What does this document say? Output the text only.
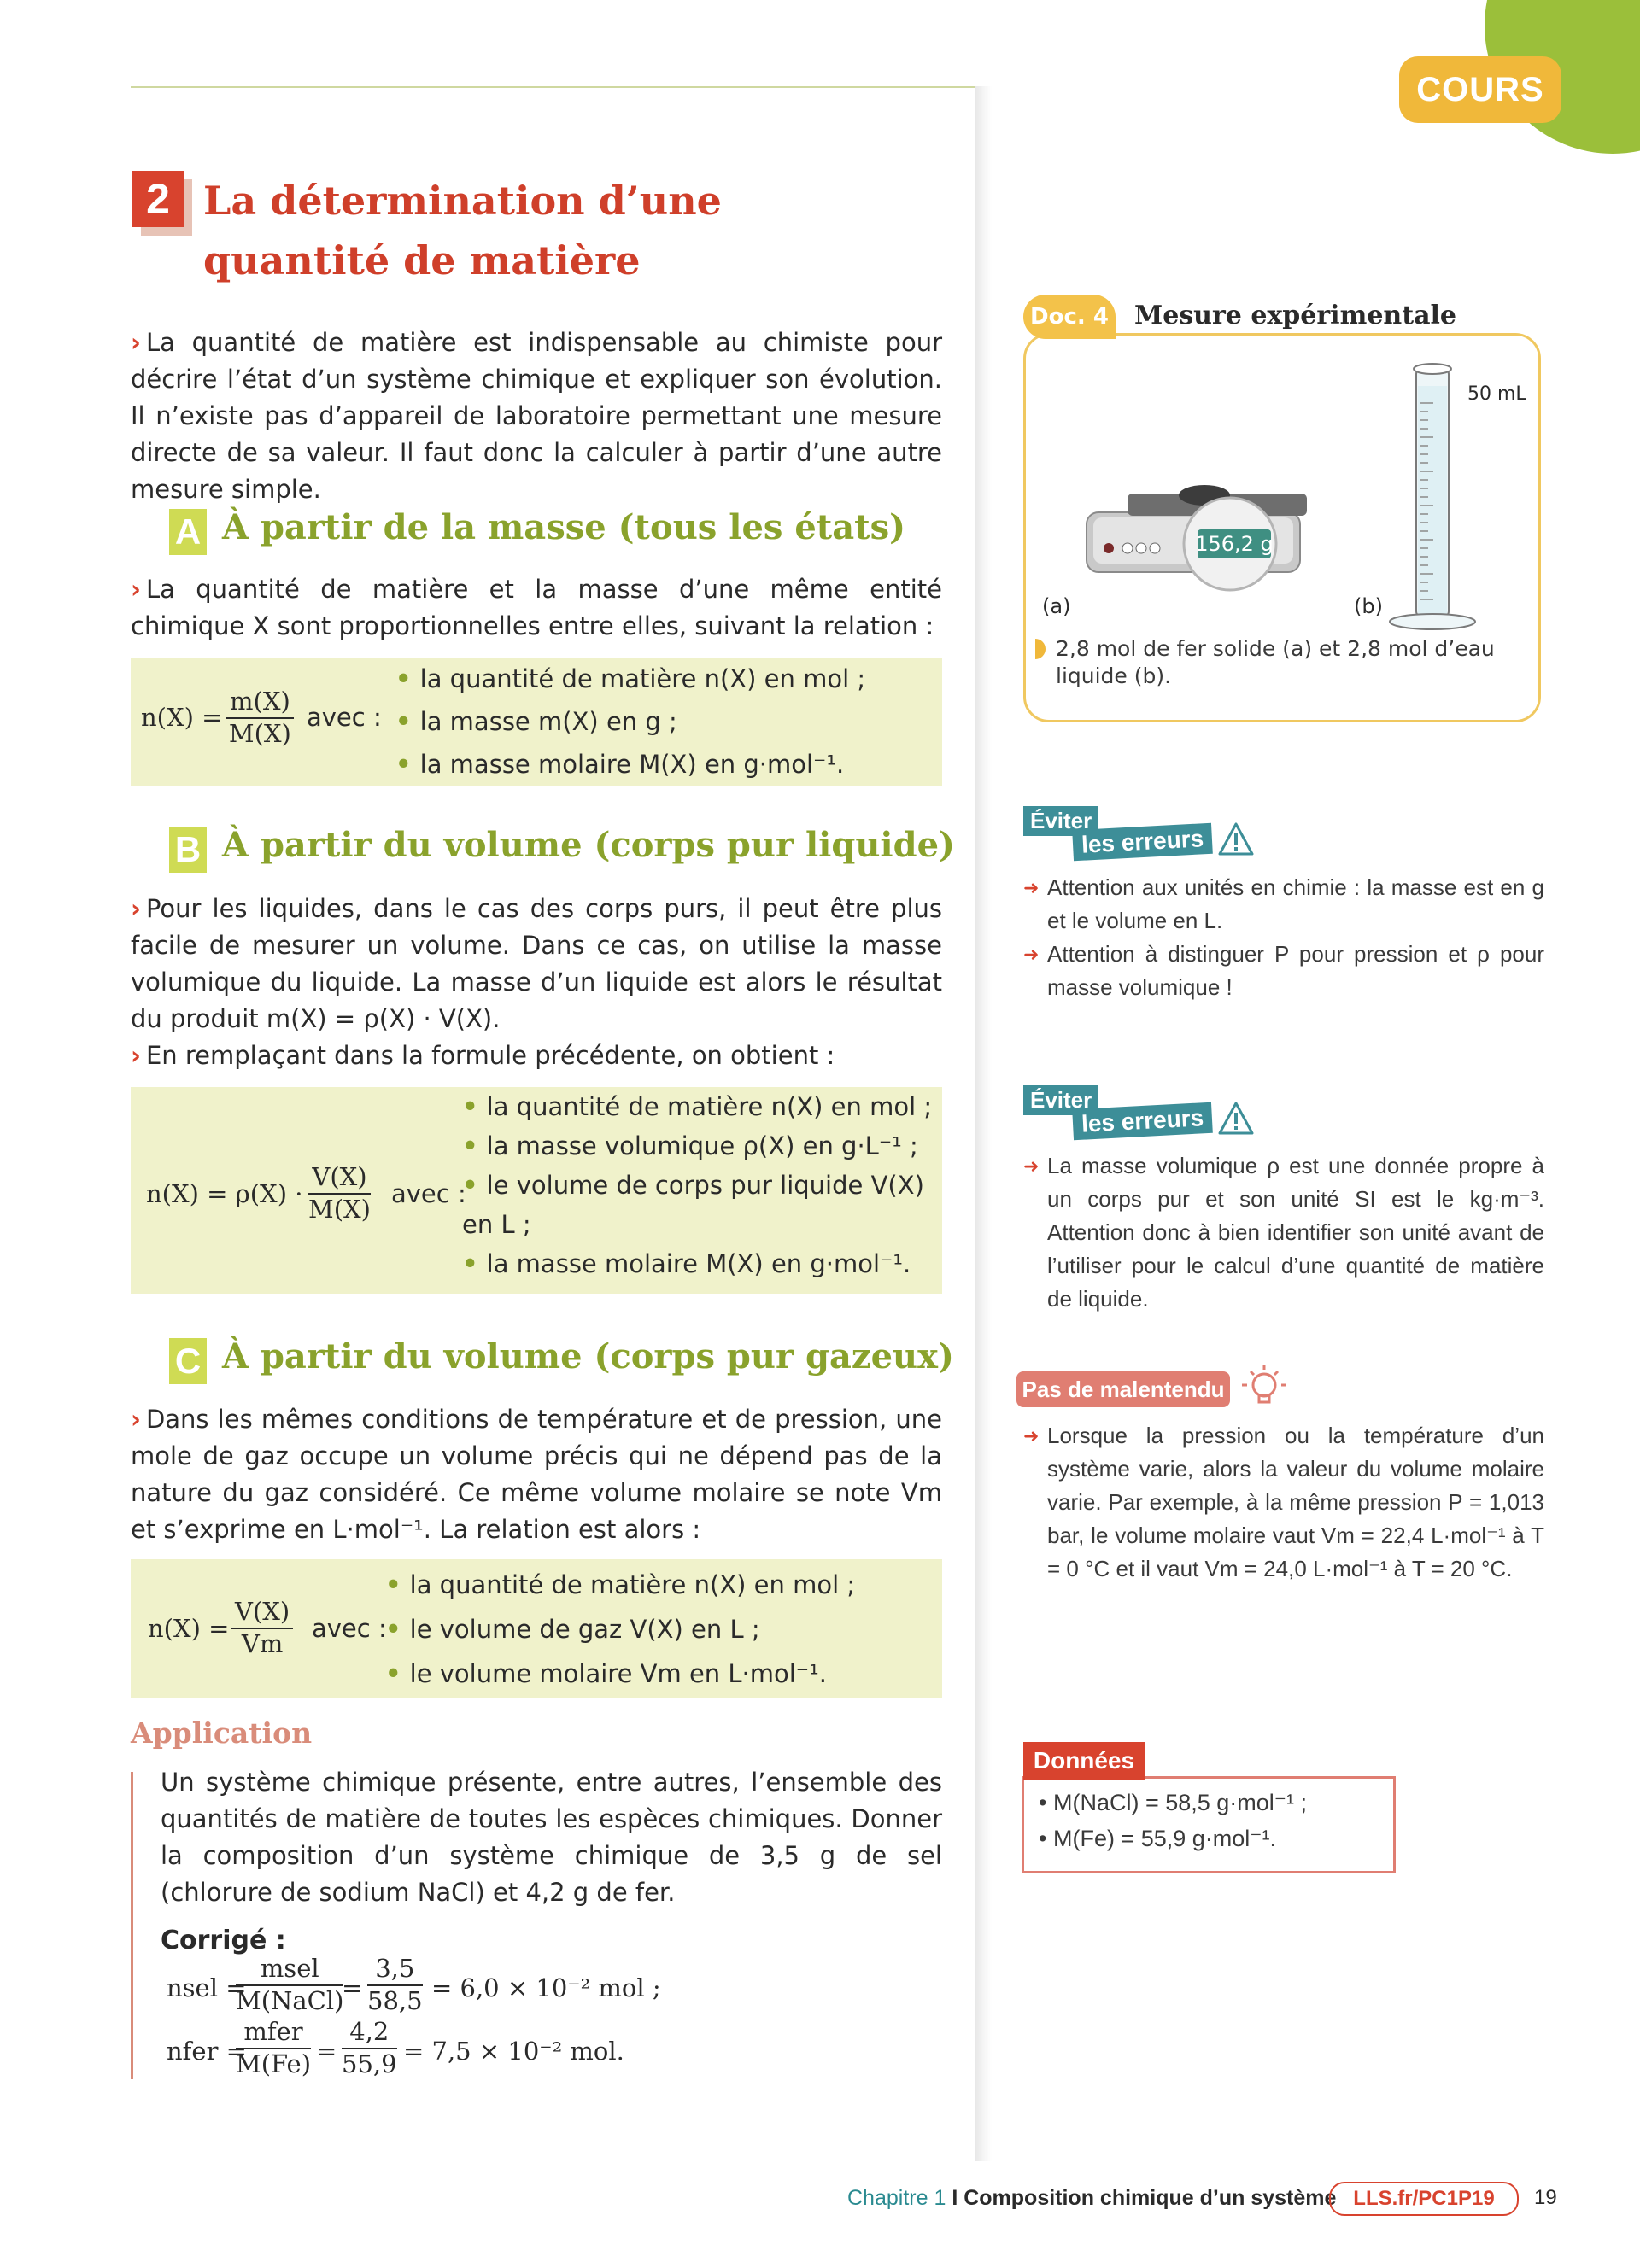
COURS
2 La détermination d’une quantité de matière
› La quantité de matière est indispensable au chimiste pour décrire l’état d’un système chimique et expliquer son évolution. Il n’existe pas d’appareil de laboratoire permettant une mesure directe de sa valeur. Il faut donc la calculer à partir d’une autre mesure simple.
A À partir de la masse (tous les états)
› La quantité de matière et la masse d’une même entité chimique X sont proportionnelles entre elles, suivant la relation :
$n(X) = \frac{m(X)}{M(X)}$ avec :
• la quantité de matière n(X) en mol ;
• la masse m(X) en g ;
• la masse molaire M(X) en g·mol⁻¹.
B À partir du volume (corps pur liquide)
› Pour les liquides, dans le cas des corps purs, il peut être plus facile de mesurer un volume. Dans ce cas, on utilise la masse volumique du liquide. La masse d’un liquide est alors le résultat du produit m(X) = ρ(X) · V(X).
› En remplaçant dans la formule précédente, on obtient :
$n(X) = \rho(X) \cdot \frac{V(X)}{M(X)}$ avec :
• la quantité de matière n(X) en mol ;
• la masse volumique ρ(X) en g·L⁻¹ ;
• le volume de corps pur liquide V(X) en L ;
• la masse molaire M(X) en g·mol⁻¹.
C À partir du volume (corps pur gazeux)
› Dans les mêmes conditions de température et de pression, une mole de gaz occupe un volume précis qui ne dépend pas de la nature du gaz considéré. Ce même volume molaire se note Vm et s’exprime en L·mol⁻¹. La relation est alors :
$n(X) = \frac{V(X)}{Vm}$ avec :
• la quantité de matière n(X) en mol ;
• le volume de gaz V(X) en L ;
• le volume molaire Vm en L·mol⁻¹.
Application
Un système chimique présente, entre autres, l’ensemble des quantités de matière de toutes les espèces chimiques. Donner la composition d’un système chimique de 3,5 g de sel (chlorure de sodium NaCl) et 4,2 g de fer.
Corrigé :
nsel =
msel
M(NaCl)
= $\frac{3,5}{58,5} = 6,0 \times 10^{-2}$ mol ;
nfer =
mfer
$M(Fe) = \frac{4,2}{55,9} = 7,5 \times 10^{-2}$ mol.
Doc. 4 Mesure expérimentale
156,2 g
50 mL
(a)	(b)
2,8 mol de fer solide (a) et 2,8 mol d’eau liquide (b).
Éviter
les erreurs
➜ Attention aux unités en chimie : la masse est en g et le volume en L.
➜ Attention à distinguer P pour pression et ρ pour masse volumique !
Éviter
les erreurs
➜ La masse volumique ρ est une donnée propre à un corps pur et son unité SI est le kg·m⁻³. Attention donc à bien identifier son unité avant de l’utiliser pour le calcul d’une quantité de matière de liquide.
Pas de malentendu
➜ Lorsque la pression ou la température d’un système varie, alors la valeur du volume molaire varie. Par exemple, à la même pression P = 1,013 bar, le volume molaire vaut Vm = 22,4 L·mol⁻¹ à T = 0 °C et il vaut Vm = 24,0 L·mol⁻¹ à T = 20 °C.
Données
• M(NaCl) = 58,5 g·mol⁻¹ ;
• M(Fe) = 55,9 g·mol⁻¹.
Chapitre 1 I Composition chimique d’un système LLS.fr/PC1P19	19
